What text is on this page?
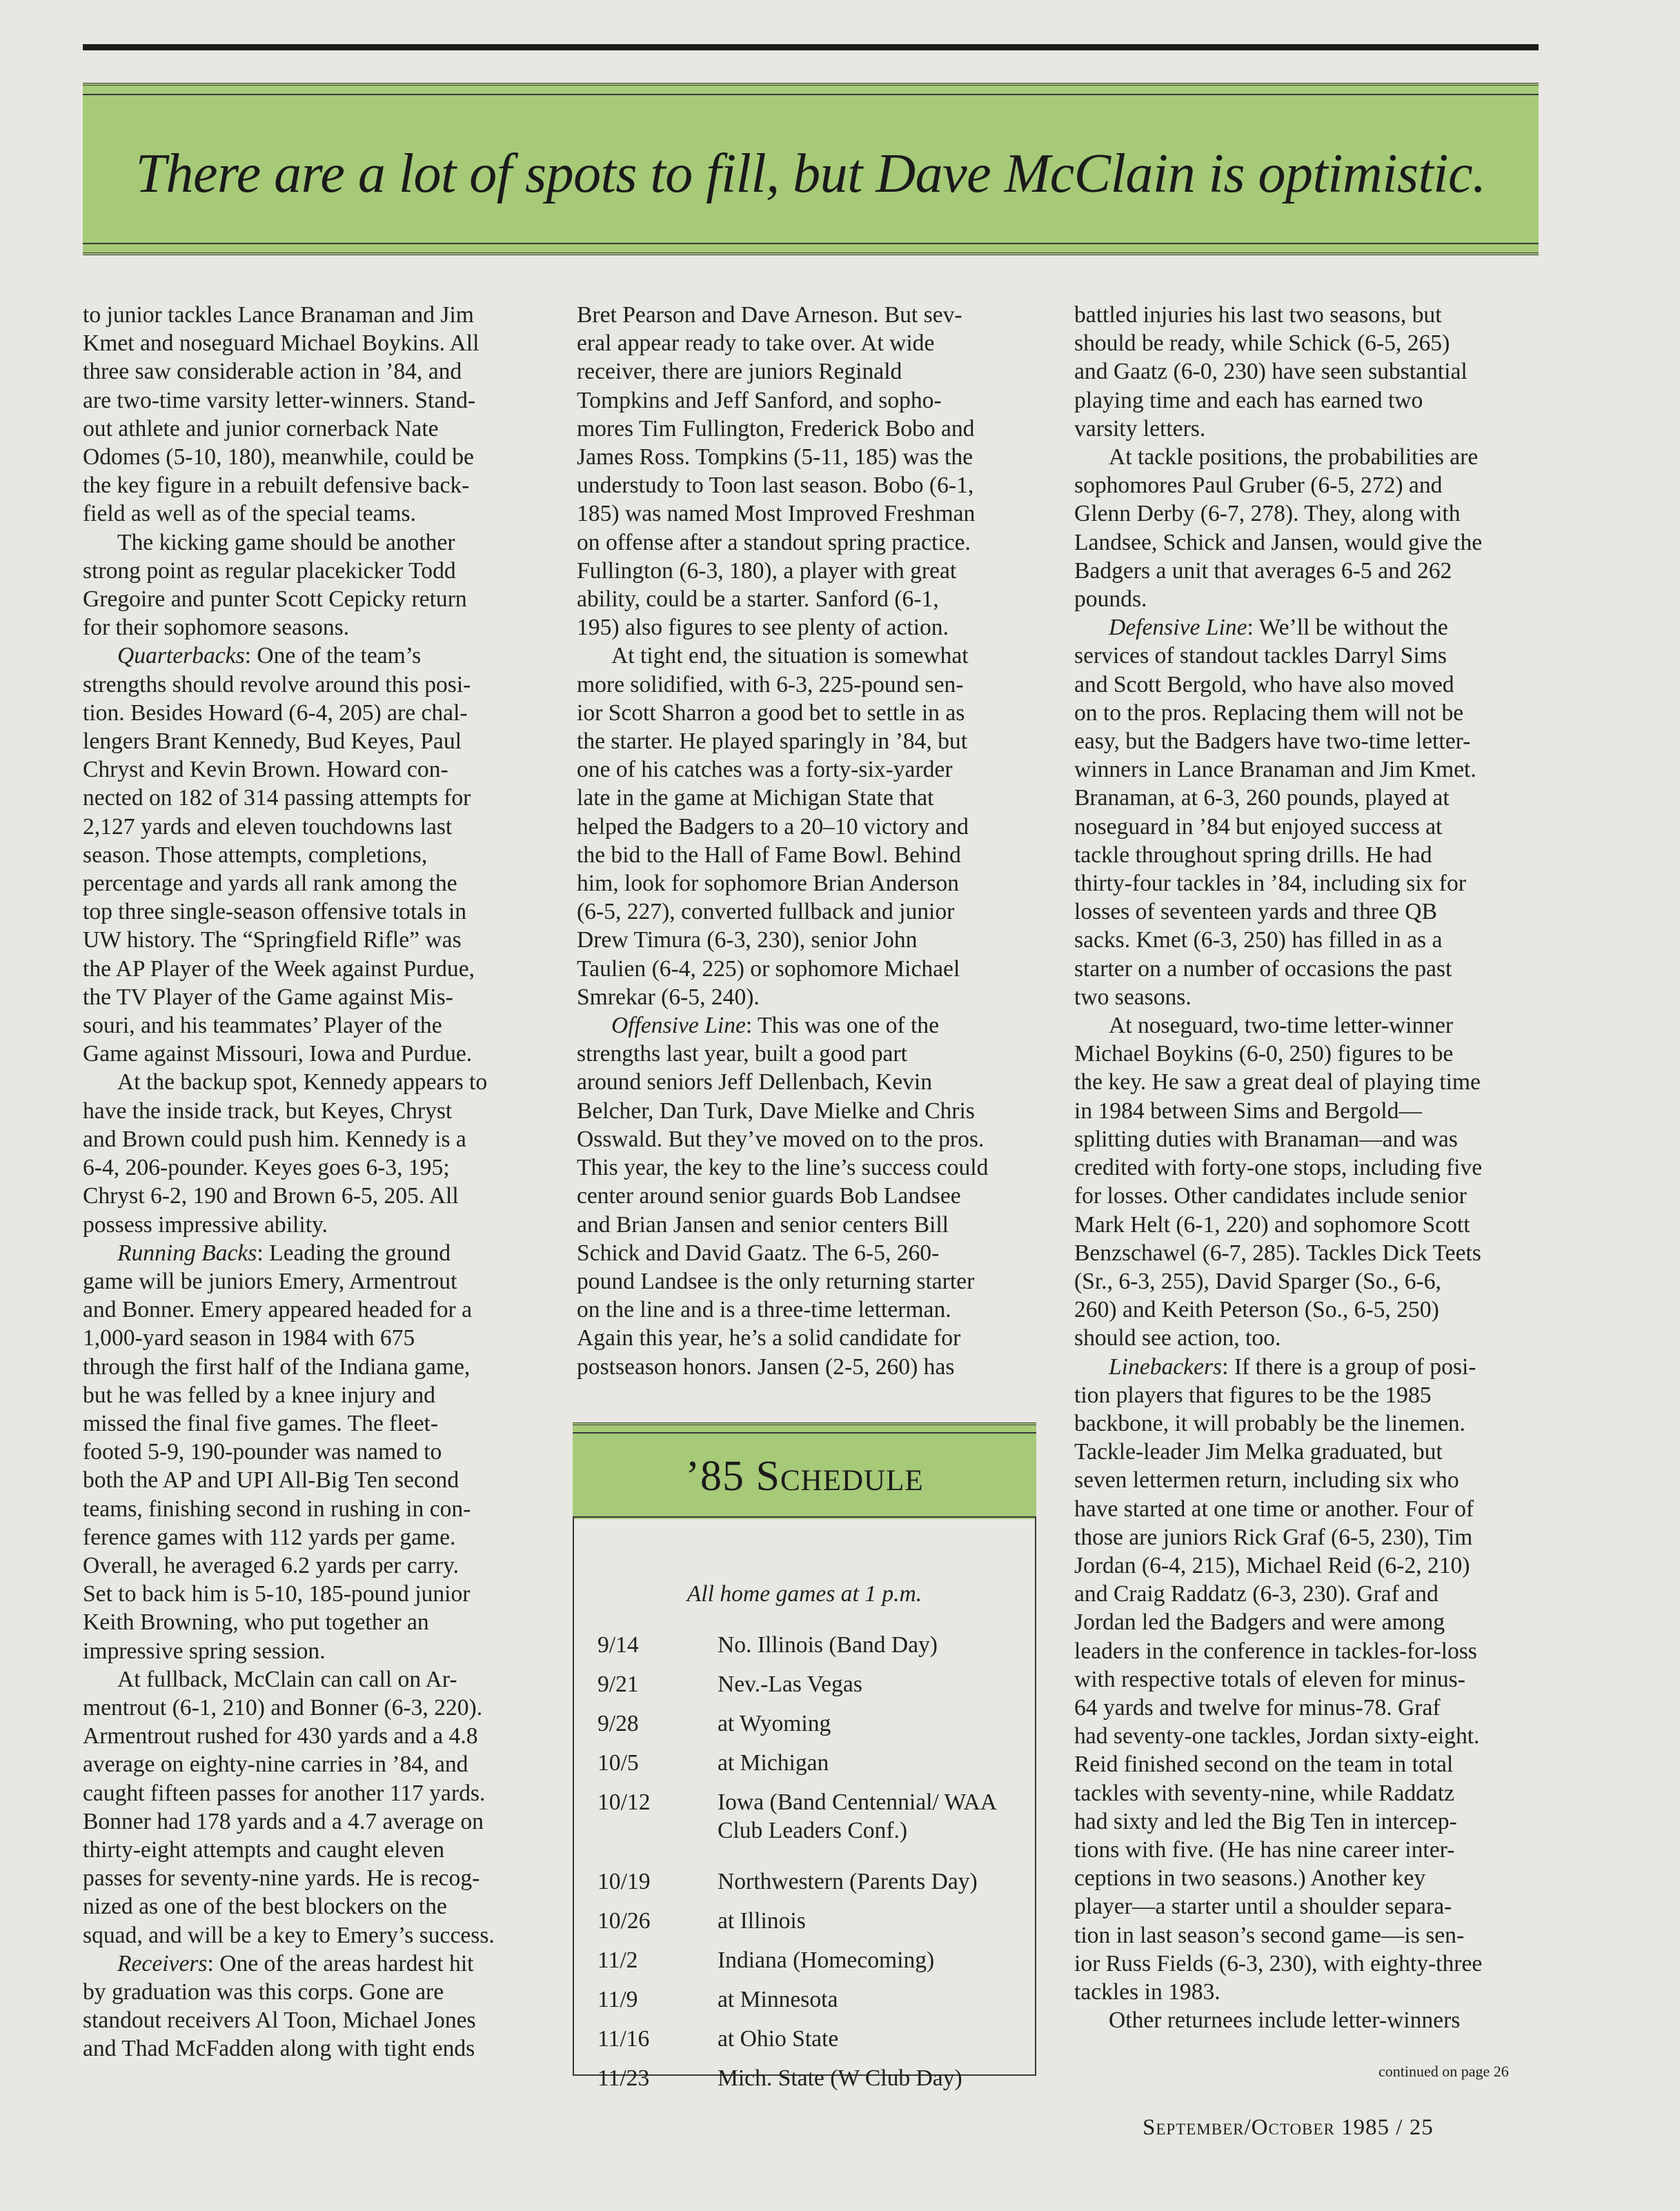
There are a lot of spots to fill, but Dave McClain is optimistic.
to junior tackles Lance Branaman and Jim
Kmet and noseguard Michael Boykins. All
three saw considerable action in ’84, and
are two-time varsity letter-winners. Stand-
out athlete and junior cornerback Nate
Odomes (5-10, 180), meanwhile, could be
the key figure in a rebuilt defensive back-
field as well as of the special teams.
The kicking game should be another
strong point as regular placekicker Todd
Gregoire and punter Scott Cepicky return
for their sophomore seasons.
Quarterbacks: One of the team’s
strengths should revolve around this posi-
tion. Besides Howard (6-4, 205) are chal-
lengers Brant Kennedy, Bud Keyes, Paul
Chryst and Kevin Brown. Howard con-
nected on 182 of 314 passing attempts for
2,127 yards and eleven touchdowns last
season. Those attempts, completions,
percentage and yards all rank among the
top three single-season offensive totals in
UW history. The “Springfield Rifle” was
the AP Player of the Week against Purdue,
the TV Player of the Game against Mis-
souri, and his teammates’ Player of the
Game against Missouri, Iowa and Purdue.
At the backup spot, Kennedy appears to
have the inside track, but Keyes, Chryst
and Brown could push him. Kennedy is a
6-4, 206-pounder. Keyes goes 6-3, 195;
Chryst 6-2, 190 and Brown 6-5, 205. All
possess impressive ability.
Running Backs: Leading the ground
game will be juniors Emery, Armentrout
and Bonner. Emery appeared headed for a
1,000-yard season in 1984 with 675
through the first half of the Indiana game,
but he was felled by a knee injury and
missed the final five games. The fleet-
footed 5-9, 190-pounder was named to
both the AP and UPI All-Big Ten second
teams, finishing second in rushing in con-
ference games with 112 yards per game.
Overall, he averaged 6.2 yards per carry.
Set to back him is 5-10, 185-pound junior
Keith Browning, who put together an
impressive spring session.
At fullback, McClain can call on Ar-
mentrout (6-1, 210) and Bonner (6-3, 220).
Armentrout rushed for 430 yards and a 4.8
average on eighty-nine carries in ’84, and
caught fifteen passes for another 117 yards.
Bonner had 178 yards and a 4.7 average on
thirty-eight attempts and caught eleven
passes for seventy-nine yards. He is recog-
nized as one of the best blockers on the
squad, and will be a key to Emery’s success.
Receivers: One of the areas hardest hit
by graduation was this corps. Gone are
standout receivers Al Toon, Michael Jones
and Thad McFadden along with tight ends
Bret Pearson and Dave Arneson. But sev-
eral appear ready to take over. At wide
receiver, there are juniors Reginald
Tompkins and Jeff Sanford, and sopho-
mores Tim Fullington, Frederick Bobo and
James Ross. Tompkins (5-11, 185) was the
understudy to Toon last season. Bobo (6-1,
185) was named Most Improved Freshman
on offense after a standout spring practice.
Fullington (6-3, 180), a player with great
ability, could be a starter. Sanford (6-1,
195) also figures to see plenty of action.
At tight end, the situation is somewhat
more solidified, with 6-3, 225-pound sen-
ior Scott Sharron a good bet to settle in as
the starter. He played sparingly in ’84, but
one of his catches was a forty-six-yarder
late in the game at Michigan State that
helped the Badgers to a 20–10 victory and
the bid to the Hall of Fame Bowl. Behind
him, look for sophomore Brian Anderson
(6-5, 227), converted fullback and junior
Drew Timura (6-3, 230), senior John
Taulien (6-4, 225) or sophomore Michael
Smrekar (6-5, 240).
Offensive Line: This was one of the
strengths last year, built a good part
around seniors Jeff Dellenbach, Kevin
Belcher, Dan Turk, Dave Mielke and Chris
Osswald. But they’ve moved on to the pros.
This year, the key to the line’s success could
center around senior guards Bob Landsee
and Brian Jansen and senior centers Bill
Schick and David Gaatz. The 6-5, 260-
pound Landsee is the only returning starter
on the line and is a three-time letterman.
Again this year, he’s a solid candidate for
postseason honors. Jansen (2-5, 260) has
battled injuries his last two seasons, but
should be ready, while Schick (6-5, 265)
and Gaatz (6-0, 230) have seen substantial
playing time and each has earned two
varsity letters.
At tackle positions, the probabilities are
sophomores Paul Gruber (6-5, 272) and
Glenn Derby (6-7, 278). They, along with
Landsee, Schick and Jansen, would give the
Badgers a unit that averages 6-5 and 262
pounds.
Defensive Line: We’ll be without the
services of standout tackles Darryl Sims
and Scott Bergold, who have also moved
on to the pros. Replacing them will not be
easy, but the Badgers have two-time letter-
winners in Lance Branaman and Jim Kmet.
Branaman, at 6-3, 260 pounds, played at
noseguard in ’84 but enjoyed success at
tackle throughout spring drills. He had
thirty-four tackles in ’84, including six for
losses of seventeen yards and three QB
sacks. Kmet (6-3, 250) has filled in as a
starter on a number of occasions the past
two seasons.
At noseguard, two-time letter-winner
Michael Boykins (6-0, 250) figures to be
the key. He saw a great deal of playing time
in 1984 between Sims and Bergold—
splitting duties with Branaman—and was
credited with forty-one stops, including five
for losses. Other candidates include senior
Mark Helt (6-1, 220) and sophomore Scott
Benzschawel (6-7, 285). Tackles Dick Teets
(Sr., 6-3, 255), David Sparger (So., 6-6,
260) and Keith Peterson (So., 6-5, 250)
should see action, too.
Linebackers: If there is a group of posi-
tion players that figures to be the 1985
backbone, it will probably be the linemen.
Tackle-leader Jim Melka graduated, but
seven lettermen return, including six who
have started at one time or another. Four of
those are juniors Rick Graf (6-5, 230), Tim
Jordan (6-4, 215), Michael Reid (6-2, 210)
and Craig Raddatz (6-3, 230). Graf and
Jordan led the Badgers and were among
leaders in the conference in tackles-for-loss
with respective totals of eleven for minus-
64 yards and twelve for minus-78. Graf
had seventy-one tackles, Jordan sixty-eight.
Reid finished second on the team in total
tackles with seventy-nine, while Raddatz
had sixty and led the Big Ten in intercep-
tions with five. (He has nine career inter-
ceptions in two seasons.) Another key
player—a starter until a shoulder separa-
tion in last season’s second game—is sen-
ior Russ Fields (6-3, 230), with eighty-three
tackles in 1983.
Other returnees include letter-winners
’85 Schedule
All home games at 1 p.m.
9/14	No. Illinois (Band Day)
9/21	Nev.-Las Vegas
9/28	at Wyoming
10/5	at Michigan
10/12	Iowa (Band Centennial/ WAA Club Leaders Conf.)
10/19	Northwestern (Parents Day)
10/26	at Illinois
11/2	Indiana (Homecoming)
11/9	at Minnesota
11/16	at Ohio State
11/23	Mich. State (W Club Day)	continued on page 26
September/October 1985 / 25
